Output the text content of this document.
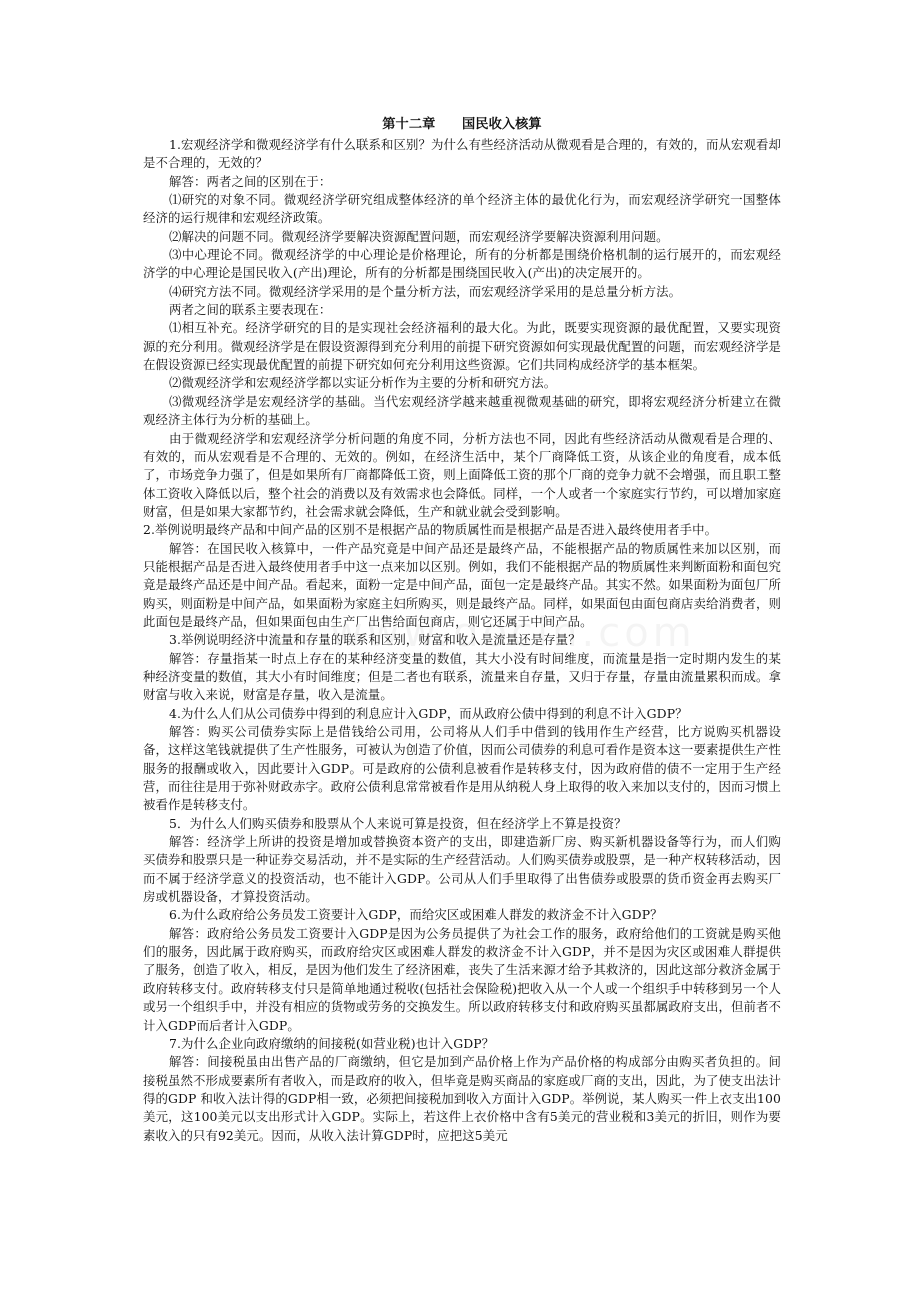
第十二章　　国民收入核算

1.宏观经济学和微观经济学有什么联系和区别？为什么有些经济活动从微观看是合理的，有效的，而从宏观看却是不合理的，无效的？

解答：两者之间的区别在于：

⑴研究的对象不同。微观经济学研究组成整体经济的单个经济主体的最优化行为，而宏观经济学研究一国整体经济的运行规律和宏观经济政策。

⑵解决的问题不同。微观经济学要解决资源配置问题，而宏观经济学要解决资源利用问题。

⑶中心理论不同。微观经济学的中心理论是价格理论，所有的分析都是围绕价格机制的运行展开的，而宏观经济学的中心理论是国民收入(产出)理论，所有的分析都是围绕国民收入(产出)的决定展开的。

⑷研究方法不同。微观经济学采用的是个量分析方法，而宏观经济学采用的是总量分析方法。

两者之间的联系主要表现在：

⑴相互补充。经济学研究的目的是实现社会经济福利的最大化。为此，既要实现资源的最优配置，又要实现资源的充分利用。微观经济学是在假设资源得到充分利用的前提下研究资源如何实现最优配置的问题，而宏观经济学是在假设资源已经实现最优配置的前提下研究如何充分利用这些资源。它们共同构成经济学的基本框架。

⑵微观经济学和宏观经济学都以实证分析作为主要的分析和研究方法。

⑶微观经济学是宏观经济学的基础。当代宏观经济学越来越重视微观基础的研究，即将宏观经济分析建立在微观经济主体行为分析的基础上。

由于微观经济学和宏观经济学分析问题的角度不同，分析方法也不同，因此有些经济活动从微观看是合理的、有效的，而从宏观看是不合理的、无效的。例如，在经济生活中，某个厂商降低工资，从该企业的角度看，成本低了，市场竞争力强了，但是如果所有厂商都降低工资，则上面降低工资的那个厂商的竞争力就不会增强，而且职工整体工资收入降低以后，整个社会的消费以及有效需求也会降低。同样，一个人或者一个家庭实行节约，可以增加家庭财富，但是如果大家都节约，社会需求就会降低，生产和就业就会受到影响。

2.举例说明最终产品和中间产品的区别不是根据产品的物质属性而是根据产品是否进入最终使用者手中。

解答：在国民收入核算中，一件产品究竟是中间产品还是最终产品，不能根据产品的物质属性来加以区别，而只能根据产品是否进入最终使用者手中这一点来加以区别。例如，我们不能根据产品的物质属性来判断面粉和面包究竟是最终产品还是中间产品。看起来，面粉一定是中间产品，面包一定是最终产品。其实不然。如果面粉为面包厂所购买，则面粉是中间产品，如果面粉为家庭主妇所购买，则是最终产品。同样，如果面包由面包商店卖给消费者，则此面包是最终产品，但如果面包由生产厂出售给面包商店，则它还属于中间产品。

3.举例说明经济中流量和存量的联系和区别，财富和收入是流量还是存量？

解答：存量指某一时点上存在的某种经济变量的数值，其大小没有时间维度，而流量是指一定时期内发生的某种经济变量的数值，其大小有时间维度；但是二者也有联系，流量来自存量，又归于存量，存量由流量累积而成。拿财富与收入来说，财富是存量，收入是流量。

4.为什么人们从公司债券中得到的利息应计入GDP，而从政府公债中得到的利息不计入GDP？

解答：购买公司债券实际上是借钱给公司用，公司将从人们手中借到的钱用作生产经营，比方说购买机器设备，这样这笔钱就提供了生产性服务，可被认为创造了价值，因而公司债券的利息可看作是资本这一要素提供生产性服务的报酬或收入，因此要计入GDP。可是政府的公债利息被看作是转移支付，因为政府借的债不一定用于生产经营，而往往是用于弥补财政赤字。政府公债利息常常被看作是用从纳税人身上取得的收入来加以支付的，因而习惯上被看作是转移支付。

5．为什么人们购买债券和股票从个人来说可算是投资，但在经济学上不算是投资？

解答：经济学上所讲的投资是增加或替换资本资产的支出，即建造新厂房、购买新机器设备等行为，而人们购买债券和股票只是一种证券交易活动，并不是实际的生产经营活动。人们购买债券或股票，是一种产权转移活动，因而不属于经济学意义的投资活动，也不能计入GDP。公司从人们手里取得了出售债券或股票的货币资金再去购买厂房或机器设备，才算投资活动。

6.为什么政府给公务员发工资要计入GDP，而给灾区或困难人群发的救济金不计入GDP？

解答：政府给公务员发工资要计入GDP是因为公务员提供了为社会工作的服务，政府给他们的工资就是购买他们的服务，因此属于政府购买，而政府给灾区或困难人群发的救济金不计入GDP，并不是因为灾区或困难人群提供了服务，创造了收入，相反，是因为他们发生了经济困难，丧失了生活来源才给予其救济的，因此这部分救济金属于政府转移支付。政府转移支付只是简单地通过税收(包括社会保险税)把收入从一个人或一个组织手中转移到另一个人或另一个组织手中，并没有相应的货物或劳务的交换发生。所以政府转移支付和政府购买虽都属政府支出，但前者不计入GDP而后者计入GDP。

7.为什么企业向政府缴纳的间接税(如营业税)也计入GDP？

解答：间接税虽由出售产品的厂商缴纳，但它是加到产品价格上作为产品价格的构成部分由购买者负担的。间接税虽然不形成要素所有者收入，而是政府的收入，但毕竟是购买商品的家庭或厂商的支出，因此，为了使支出法计得的GDP 和收入法计得的GDP相一致，必须把间接税加到收入方面计入GDP。举例说，某人购买一件上衣支出100美元，这100美元以支出形式计入GDP。实际上，若这件上衣价格中含有5美元的营业税和3美元的折旧，则作为要素收入的只有92美元。因而，从收入法计算GDP时，应把这5美元
